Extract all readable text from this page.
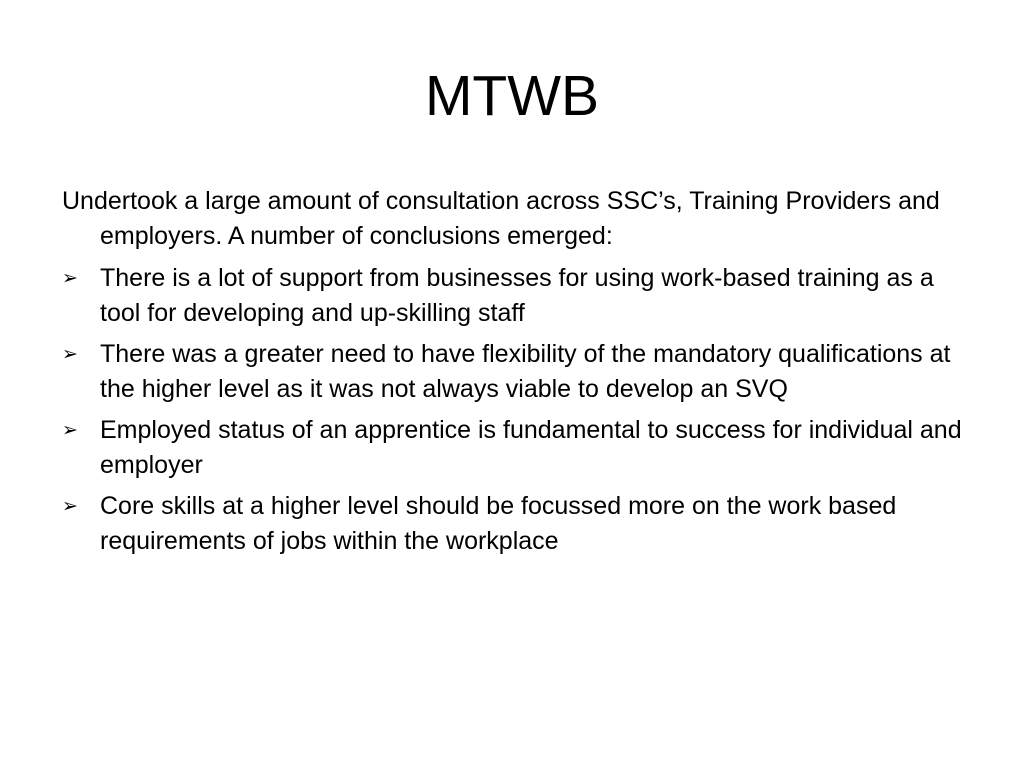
MTWB

Undertook a large amount of consultation across SSC’s, Training Providers and employers. A number of conclusions emerged:

➢ There is a lot of support from businesses for using work-based training as a tool for developing and up-skilling staff
➢ There was a greater need to have flexibility of the mandatory qualifications at the higher level as it was not always viable to develop an SVQ
➢ Employed status of an apprentice is fundamental to success for individual and employer
➢ Core skills at a higher level should be focussed more on the work based requirements of jobs within the workplace
